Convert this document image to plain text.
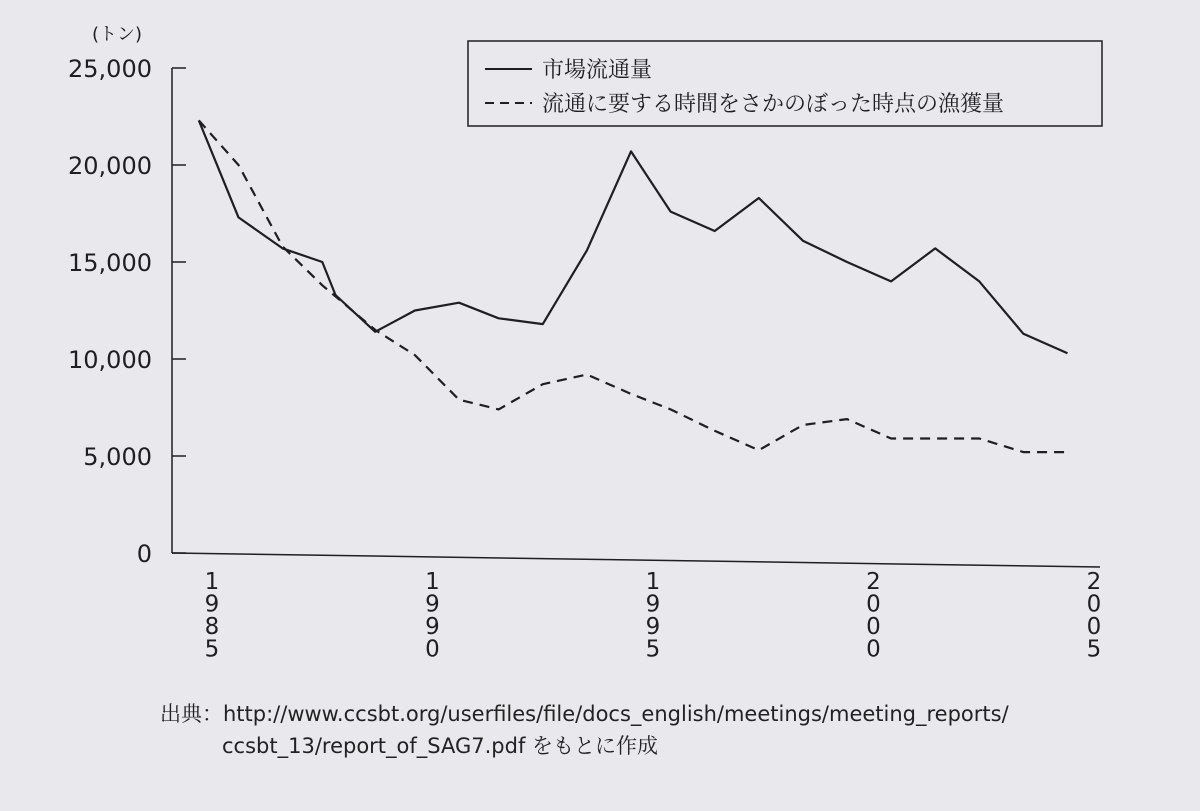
(トン)
0
5,000
10,000
15,000
20,000
25,000
1
9
8
5
1
9
9
0
1
9
9
5
2
0
0
0
2
0
0
5
市場流通量
流通に要する時間をさかのぼった時点の漁獲量
出典：http://www.ccsbt.org/userfiles/file/docs_english/meetings/meeting_reports/
ccsbt_13/report_of_SAG7.pdf をもとに作成
